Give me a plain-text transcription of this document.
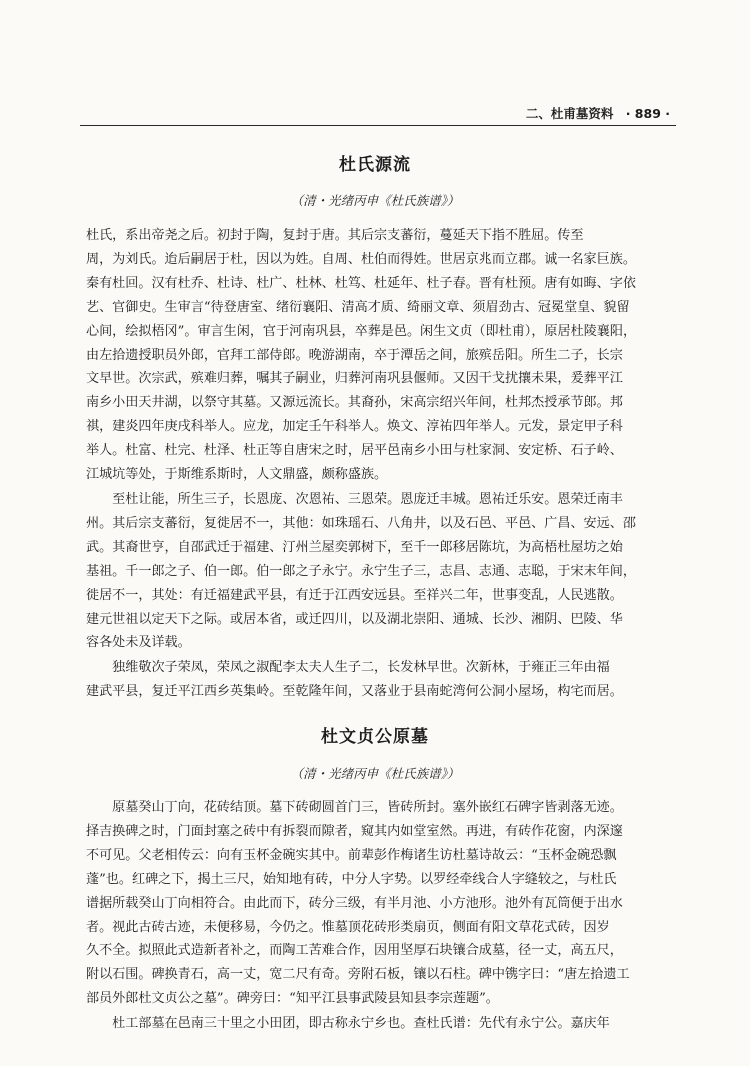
二、杜甫墓资料 · 889 ·
杜氏源流
（清・光绪丙申《杜氏族谱》）
杜氏，系出帝尧之后。初封于陶，复封于唐。其后宗支蕃衍，蔓延天下指不胜屈。传至
周，为刘氏。迨后嗣居于杜，因以为姓。自周、杜伯而得姓。世居京兆而立郡。诚一名家巨族。
秦有杜回。汉有杜乔、杜诗、杜广、杜林、杜笃、杜延年、杜子春。晋有杜预。唐有如晦、字依
艺、官御史。生审言“待登唐室、绪衍襄阳、清高才质、绮丽文章、须眉劲古、冠冕堂皇、貌留
心间，绘拟梧冈”。审言生闲，官于河南巩县，卒葬是邑。闲生文贞（即杜甫），原居杜陵襄阳，
由左拾遗授职员外郎，官拜工部侍郎。晚游湖南，卒于潭岳之间，旅殡岳阳。所生二子，长宗
文早世。次宗武，殡难归葬，嘱其子嗣业，归葬河南巩县偃师。又因干戈扰攘未果，爰葬平江
南乡小田天井湖，以祭守其墓。又源远流长。其裔孙，宋高宗绍兴年间，杜邦杰授承节郎。邦
祺，建炎四年庚戌科举人。应龙，加定壬午科举人。焕文、淳祐四年举人。元发，景定甲子科
举人。杜富、杜完、杜泽、杜正等自唐宋之时，居平邑南乡小田与杜家洞、安定桥、石子岭、
江城坑等处，于斯维系斯时，人文鼎盛，颇称盛族。
　　至杜让能，所生三子，长恩庞、次恩祐、三恩荣。恩庞迁丰城。恩祐迁乐安。恩荣迁南丰
州。其后宗支蕃衍，复徙居不一，其他：如珠瑶石、八角井，以及石邑、平邑、广昌、安远、邵
武。其裔世亨，自邵武迁于福建、汀州兰屋奕郭树下，至千一郎移居陈坑，为高梧杜屋坊之始
基祖。千一郎之子、伯一郎。伯一郎之子永宁。永宁生子三，志昌、志通、志聪，于宋末年间，
徙居不一，其处：有迁福建武平县，有迁于江西安远县。至祥兴二年，世事变乱，人民逃散。
建元世祖以定天下之际。或居本省，或迁四川，以及湖北崇阳、通城、长沙、湘阴、巴陵、华
容各处未及详载。
　　独维敬次子荣凤，荣凤之淑配李太夫人生子二，长发林早世。次新林，于雍正三年由福
建武平县，复迁平江西乡英集岭。至乾隆年间，又落业于县南蛇湾何公洞小屋场，构宅而居。
杜文贞公原墓
（清・光绪丙申《杜氏族谱》）
　　原墓癸山丁向，花砖结顶。墓下砖砌圆首门三，皆砖所封。塞外嵌红石碑字皆剥落无迹。
择吉换碑之时，门面封塞之砖中有拆裂而隙者，窥其内如堂室然。再进，有砖作花窗，内深邃
不可见。父老相传云：向有玉杯金碗实其中。前辈彭作梅诸生访杜墓诗故云：“玉杯金碗恐飘
蓬”也。红碑之下，揭土三尺，始知地有砖，中分人字势。以罗经牵线合人字缝较之，与杜氏
谱据所载癸山丁向相符合。由此而下，砖分三级，有半月池、小方池形。池外有瓦筒便于出水
者。视此古砖古迹，未便移易，今仍之。惟墓顶花砖形类扇页，侧面有阳文草花式砖，因岁
久不全。拟照此式造新者补之，而陶工苦难合作，因用坚厚石块镶合成墓，径一丈，高五尺，
附以石围。碑换青石，高一丈，宽二尺有奇。旁附石板，镶以石柱。碑中镌字曰：“唐左拾遗工
部员外郎杜文贞公之墓”。碑旁曰：“知平江县事武陵县知县李宗莲题”。
　　杜工部墓在邑南三十里之小田团，即古称永宁乡也。查杜氏谱：先代有永宁公。嘉庆年
